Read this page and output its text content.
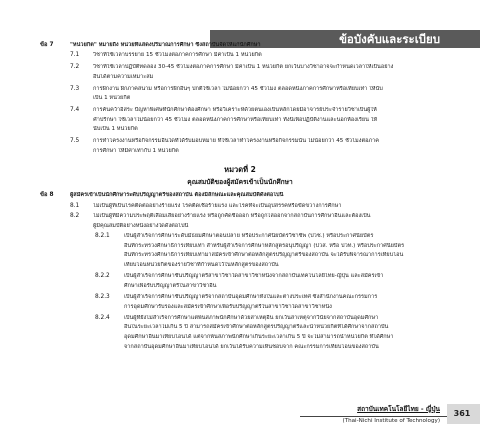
ข้อบังคับและระเบียบ
ข้อ 7	"หน่วยกิต" หมายถึง หน่วยที่แสดงปริมาณการศึกษา ซึ่งสถาบันจัดให้แก่นักศึกษา
7.1 วิชาที่ใช้เวลาบรรยาย 15 ชั่วโมงต่อภาคการศึกษา มีค่าเป็น 1 หน่วยกิต
7.2 วิชาที่ใช้เวลาปฏิบัติทดลอง 30-45 ชั่วโมงต่อภาคการศึกษา มีค่าเป็น 1 หน่วยกิต ยกเว้นบางวิชาอาจจะกำหนดเวลาให้เป็นอย่าง
อื่นได้ตามความเหมาะสม
7.3 การฝึกงาน ฝึกภาคสนาม หรือการฝึกอื่นๆ ปกติใช้เวลา ไม่น้อยกว่า 45 ชั่วโมง ตลอดหนึ่งภาคการศึกษาหรือเทียบเท่า ให้นับ
เป็น 1 หน่วยกิต
7.4 การค้นคว้าอิสระ ปัญหาพิเศษที่นักศึกษาต้องศึกษา หรือวิเคราะห์ด้วยตนเองเป็นหลักโดยมีอาจารย์ประจำรายวิชาเป็นผู้ให้
คำปรึกษา ใช้เวลาไม่น้อยกว่า 45 ชั่วโมง ตลอดหนึ่งภาคการศึกษาหรือเทียบเท่า ทั้งนี้เพื่อปฏิบัติงานและนอกห้องเรียน ให้
นับเป็น 1 หน่วยกิต
7.5 การทำโครงงานหรือกิจกรรมอื่นใดที่ได้รับมอบหมาย ที่ใช้เวลาทำโครงงานหรือกิจกรรมนั้น ไม่น้อยกว่า 45 ชั่วโมงต่อภาค
การศึกษา ให้มีค่าเท่ากับ 1 หน่วยกิต
หมวดที่ 2
คุณสมบัติของผู้สมัครเข้าเป็นนักศึกษา
ข้อ 8	ผู้สมัครเข้าเป็นนักศึกษาระดับปริญญาตรีของสถาบัน ต้องมีลักษณะและคุณสมบัติดังต่อไปนี้
8.1 ไม่เป็นผู้ที่เป็นโรคติดต่ออย่างร้ายแรง โรคติดเชื้อร้ายแรง และโรคที่จะเป็นอุปสรรคหรือขัดขวางการศึกษา
8.2 ไม่เป็นผู้ที่มีความประพฤติเสื่อมเสียอย่างร้ายแรง หรือถูกคัดชื่อออก หรือถูกไล่ออกจากสถาบันการศึกษาอื่นและต้องเป็น
ผู้มีคุณสมบัติอย่างหนึ่งอย่างใดดังต่อไปนี้
8.2.1	เป็นผู้สำเร็จการศึกษาระดับมัธยมศึกษาตอนปลาย หรือประกาศนียบัตรวิชาชีพ (ปวช.) หรือประกาศนียบัตร
อื่นที่กระทรวงศึกษาธิการเทียบเท่า สำหรับผู้สำเร็จการศึกษาหลักสูตรอนุปริญญา (ปวส. หรือ ปวท.) หรือประกาศนียบัตร
อื่นที่กระทรวงศึกษาธิการเทียบเท่ามาสมัครเข้าศึกษาต่อหลักสูตรปริญญาตรีของสถาบัน จะได้รับพิจารณาการเทียบโอน
เทียบโอนหน่วยกิตของรายวิชาที่กำหนดไว้ในหลักสูตรของสถาบัน
8.2.2	เป็นผู้สำเร็จการศึกษาชั้นปริญญาตรีสาขาวิชาใดสาขาวิชาหนึ่งจากสถาบันเทคโนโลยีไทย-ญี่ปุ่น และสมัครเข้า
ศึกษาเพื่อรับปริญญาตรีในสาขาวิชาอื่น
8.2.3	เป็นผู้สำเร็จการศึกษาชั้นปริญญาตรีจากสถาบันอุดมศึกษาทั้งในและต่างประเทศ ซึ่งสำนักงานคณะกรรมการ
การอุดมศึกษารับรองและสมัครเข้าศึกษาเพื่อรับปริญญาตรีในสาขาวิชาใดสาขาวิชาหนึ่ง
8.2.4	เป็นผู้ที่ยังไม่สำเร็จการศึกษาแต่พ้นสภาพนักศึกษาด้วยสาเหตุอื่น ยกเว้นสาเหตุจากวินัยจากสถาบันอุดมศึกษา
อื่นในระยะเวลาไม่เกิน 5 ปี สามารถสมัครเข้าศึกษาต่อหลักสูตรปริญญาตรีและนำหน่วยกิตที่ได้ศึกษาจากสถาบัน
อุดมศึกษาอื่นมาเทียบโอนได้ แต่จากพ้นสภาพนักศึกษาเกินระยะเวลาเกิน 5 ปี จะไม่สามารถนำหน่วยกิต ที่ได้ศึกษา
จากสถาบันอุดมศึกษาอื่นมาเทียบโอนได้ ยกเว้นได้รับความเห็นชอบจาก คณะกรรมการเทียบโอนของสถาบัน
สถาบันเทคโนโลยีไทย - ญี่ปุ่น
(Thai-Nichi Institute of Technology)
361
